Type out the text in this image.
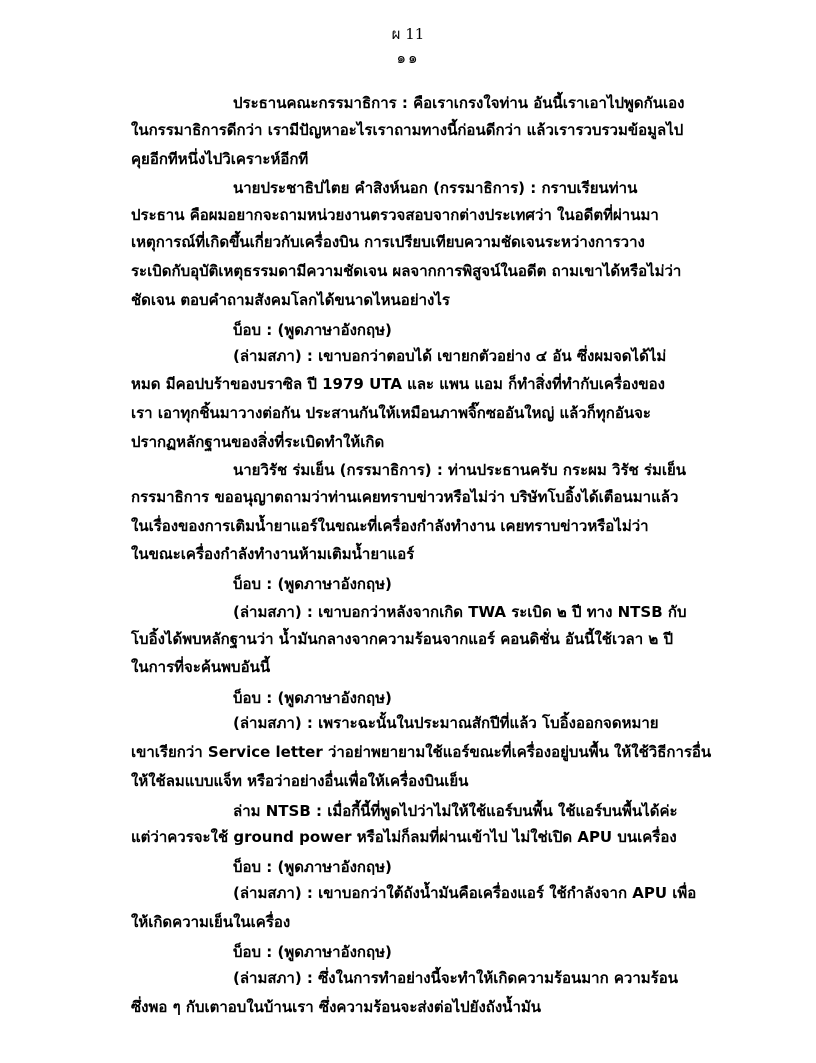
ผ 11
๑๑
ประธานคณะกรรมาธิการ : คือเราเกรงใจท่าน อันนี้เราเอาไปพูดกันเอง
ในกรรมาธิการดีกว่า เรามีปัญหาอะไรเราถามทางนี้ก่อนดีกว่า แล้วเรารวบรวมข้อมูลไป
คุยอีกทีหนึ่งไปวิเคราะห์อีกที
นายประชาธิปไตย คำสิงห์นอก (กรรมาธิการ) : กราบเรียนท่าน
ประธาน คือผมอยากจะถามหน่วยงานตรวจสอบจากต่างประเทศว่า ในอดีตที่ผ่านมา
เหตุการณ์ที่เกิดขึ้นเกี่ยวกับเครื่องบิน การเปรียบเทียบความชัดเจนระหว่างการวาง
ระเบิดกับอุบัติเหตุธรรมดามีความชัดเจน ผลจากการพิสูจน์ในอดีต ถามเขาได้หรือไม่ว่า
ชัดเจน ตอบคำถามสังคมโลกได้ขนาดไหนอย่างไร
บ็อบ : (พูดภาษาอังกฤษ)
(ล่ามสภา) : เขาบอกว่าตอบได้ เขายกตัวอย่าง ๔ อัน ซึ่งผมจดได้ไม่
หมด มีคอปบร้าของบราซิล ปี 1979 UTA และ แพน แอม ก็ทำสิ่งที่ทำกับเครื่องของ
เรา เอาทุกชิ้นมาวางต่อกัน ประสานกันให้เหมือนภาพจิ๊กซออันใหญ่ แล้วก็ทุกอันจะ
ปรากฏหลักฐานของสิ่งที่ระเบิดทำให้เกิด
นายวิรัช ร่มเย็น (กรรมาธิการ) : ท่านประธานครับ กระผม วิรัช ร่มเย็น
กรรมาธิการ ขออนุญาตถามว่าท่านเคยทราบข่าวหรือไม่ว่า บริษัทโบอิ้งได้เตือนมาแล้ว
ในเรื่องของการเติมน้ำยาแอร์ในขณะที่เครื่องกำลังทำงาน เคยทราบข่าวหรือไม่ว่า
ในขณะเครื่องกำลังทำงานห้ามเติมน้ำยาแอร์
บ็อบ : (พูดภาษาอังกฤษ)
(ล่ามสภา) : เขาบอกว่าหลังจากเกิด TWA ระเบิด ๒ ปี ทาง NTSB กับ
โบอิ้งได้พบหลักฐานว่า น้ำมันกลางจากความร้อนจากแอร์ คอนดิชั่น อันนี้ใช้เวลา ๒ ปี
ในการที่จะค้นพบอันนี้
บ็อบ : (พูดภาษาอังกฤษ)
(ล่ามสภา) : เพราะฉะนั้นในประมาณสักปีที่แล้ว โบอิ้งออกจดหมาย
เขาเรียกว่า Service letter ว่าอย่าพยายามใช้แอร์ขณะที่เครื่องอยู่บนพื้น ให้ใช้วิธีการอื่น
ให้ใช้ลมแบบแจ็ท หรือว่าอย่างอื่นเพื่อให้เครื่องบินเย็น
ล่าม NTSB : เมื่อกี้นี้ที่พูดไปว่าไม่ให้ใช้แอร์บนพื้น ใช้แอร์บนพื้นได้ค่ะ
แต่ว่าควรจะใช้ ground power หรือไม่ก็ลมที่ผ่านเข้าไป ไม่ใช่เปิด APU บนเครื่อง
บ็อบ : (พูดภาษาอังกฤษ)
(ล่ามสภา) : เขาบอกว่าใต้ถังน้ำมันคือเครื่องแอร์ ใช้กำลังจาก APU เพื่อ
ให้เกิดความเย็นในเครื่อง
บ็อบ : (พูดภาษาอังกฤษ)
(ล่ามสภา) : ซึ่งในการทำอย่างนี้จะทำให้เกิดความร้อนมาก ความร้อน
ซึ่งพอ ๆ กับเตาอบในบ้านเรา ซึ่งความร้อนจะส่งต่อไปยังถังน้ำมัน
